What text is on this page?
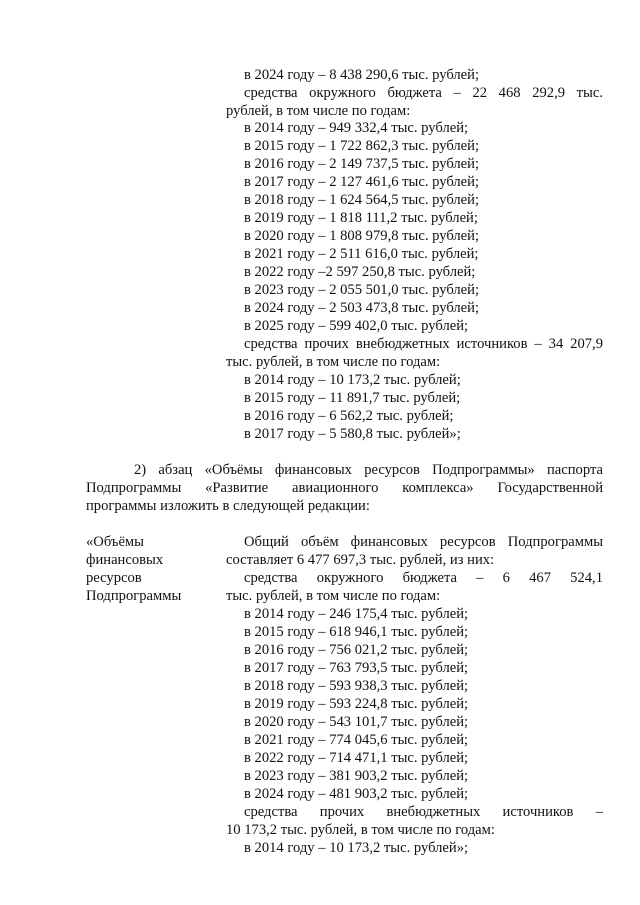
в 2024 году – 8 438 290,6 тыс. рублей;
средства окружного бюджета – 22 468 292,9 тыс.
рублей, в том числе по годам:
в 2014 году – 949 332,4 тыс. рублей;
в 2015 году – 1 722 862,3 тыс. рублей;
в 2016 году – 2 149 737,5 тыс. рублей;
в 2017 году – 2 127 461,6 тыс. рублей;
в 2018 году – 1 624 564,5 тыс. рублей;
в 2019 году – 1 818 111,2 тыс. рублей;
в 2020 году – 1 808 979,8 тыс. рублей;
в 2021 году – 2 511 616,0 тыс. рублей;
в 2022 году –2 597 250,8 тыс. рублей;
в 2023 году – 2 055 501,0 тыс. рублей;
в 2024 году – 2 503 473,8 тыс. рублей;
в 2025 году – 599 402,0 тыс. рублей;
средства прочих внебюджетных источников – 34 207,9
тыс. рублей, в том числе по годам:
в 2014 году – 10 173,2 тыс. рублей;
в 2015 году – 11 891,7 тыс. рублей;
в 2016 году – 6 562,2 тыс. рублей;
в 2017 году – 5 580,8 тыс. рублей»;
2) абзац «Объёмы финансовых ресурсов Подпрограммы» паспорта
Подпрограммы «Развитие авиационного комплекса» Государственной
программы изложить в следующей редакции:
«Объёмы
финансовых
ресурсов
Подпрограммы
Общий объём финансовых ресурсов Подпрограммы
составляет 6 477 697,3 тыс. рублей, из них:
средства окружного бюджета – 6 467 524,1
тыс. рублей, в том числе по годам:
в 2014 году – 246 175,4 тыс. рублей;
в 2015 году – 618 946,1 тыс. рублей;
в 2016 году – 756 021,2 тыс. рублей;
в 2017 году – 763 793,5 тыс. рублей;
в 2018 году – 593 938,3 тыс. рублей;
в 2019 году – 593 224,8 тыс. рублей;
в 2020 году – 543 101,7 тыс. рублей;
в 2021 году – 774 045,6 тыс. рублей;
в 2022 году – 714 471,1 тыс. рублей;
в 2023 году – 381 903,2 тыс. рублей;
в 2024 году – 481 903,2 тыс. рублей;
средства прочих внебюджетных источников –
10 173,2 тыс. рублей, в том числе по годам:
в 2014 году – 10 173,2 тыс. рублей»;
